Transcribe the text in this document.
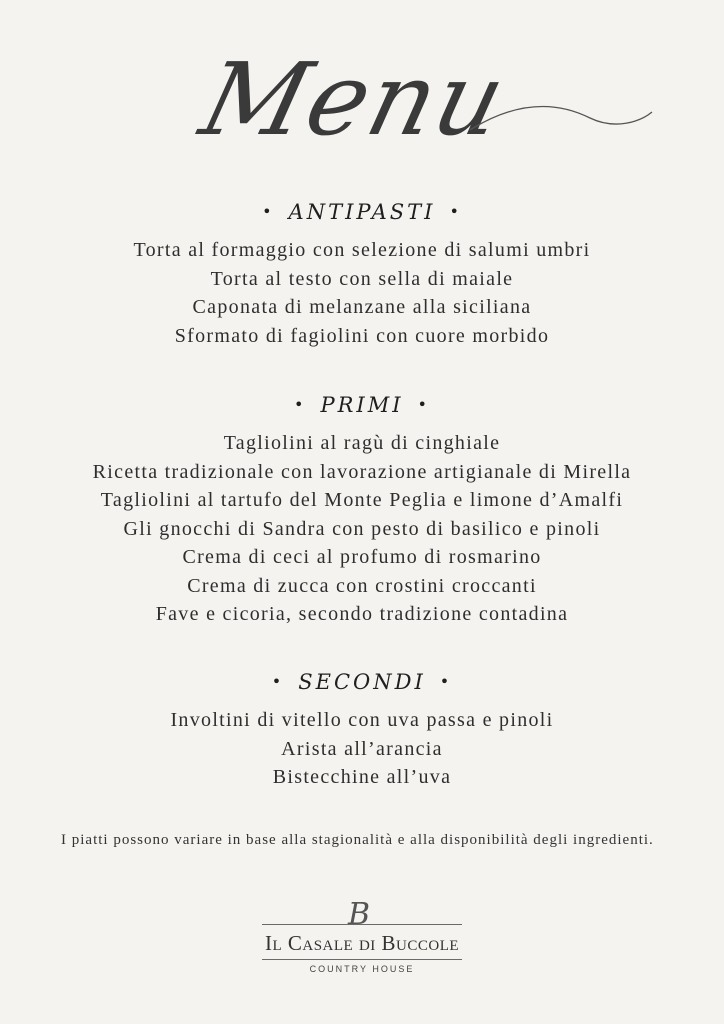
Menu
• ANTIPASTI •
Torta al formaggio con selezione di salumi umbri
Torta al testo con sella di maiale
Caponata di melanzane alla siciliana
Sformato di fagiolini con cuore morbido
• PRIMI •
Tagliolini al ragù di cinghiale
Ricetta tradizionale con lavorazione artigianale di Mirella
Tagliolini al tartufo del Monte Peglia e limone d’Amalfi
Gli gnocchi di Sandra con pesto di basilico e pinoli
Crema di ceci al profumo di rosmarino
Crema di zucca con crostini croccanti
Fave e cicoria, secondo tradizione contadina
• SECONDI •
Involtini di vitello con uva passa e pinoli
Arista all’arancia
Bistecchine all’uva
I piatti possono variare in base alla stagionalità e alla disponibilità degli ingredienti.
B
Il Casale di Buccole
COUNTRY HOUSE
